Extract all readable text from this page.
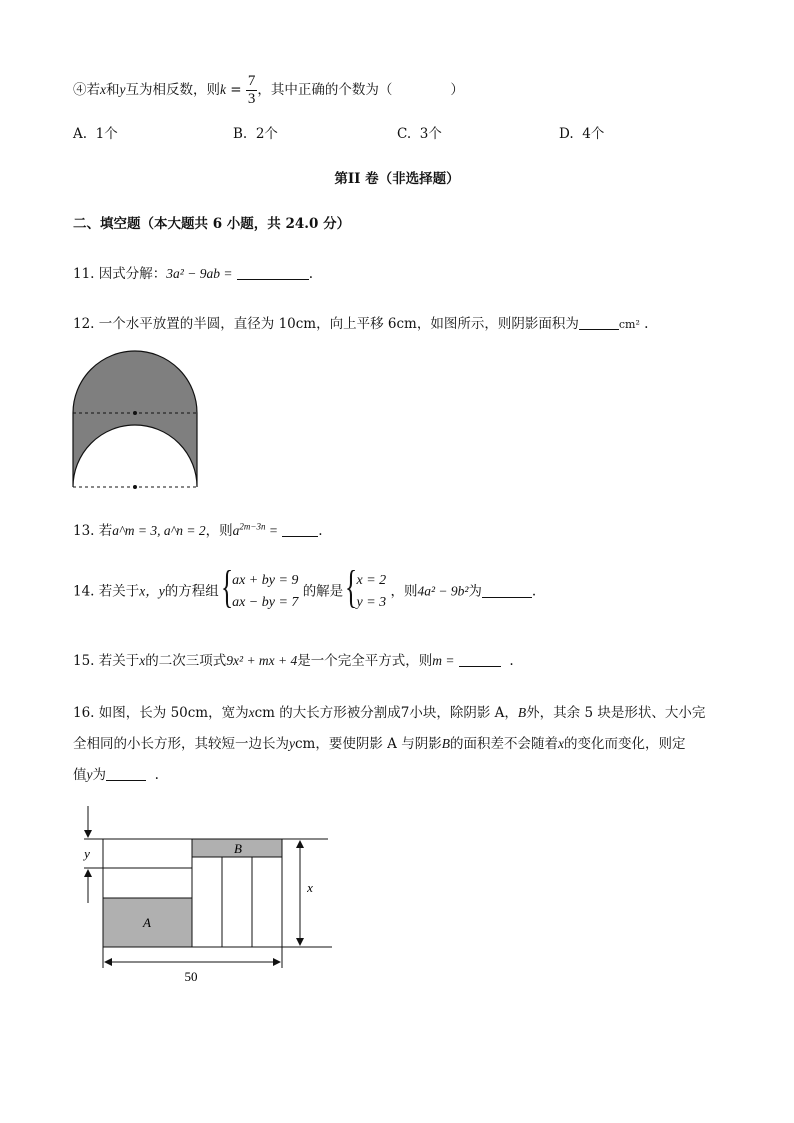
④若x和y互为相反数，则$k = \frac{7}{3}$ ，其中正确的个数为（	）
A. 1个	B. 2个	C. 3个	D. 4个
第II 卷（非选择题）
二、填空题（本大题共 6 小题，共 24.0 分）
11. 因式分解：3a² − 9ab =	.
12. 一个水平放置的半圆，直径为 10cm，向上平移 6cm，如图所示，则阴影面积为	cm² .
13. 若a^m = 3, a^n = 2，则$a^{2m-3n}$ =	.
14. 若关于x，y的方程组 {
ax + by = 9
ax − by = 7
的解是 {
x = 2
y = 3
，则4a² − 9b²为	.
15. 若关于x的二次三项式9x² + mx + 4是一个完全平方式，则m =	.
16. 如图，长为 50cm，宽为xcm 的大长方形被分割成7小块，除阴影 A，B外，其余 5 块是形状、大小完
全相同的小长方形，其较短一边长为ycm，要使阴影 A 与阴影B的面积差不会随着x的变化而变化，则定
值y为	.
A
B
x
y
50
